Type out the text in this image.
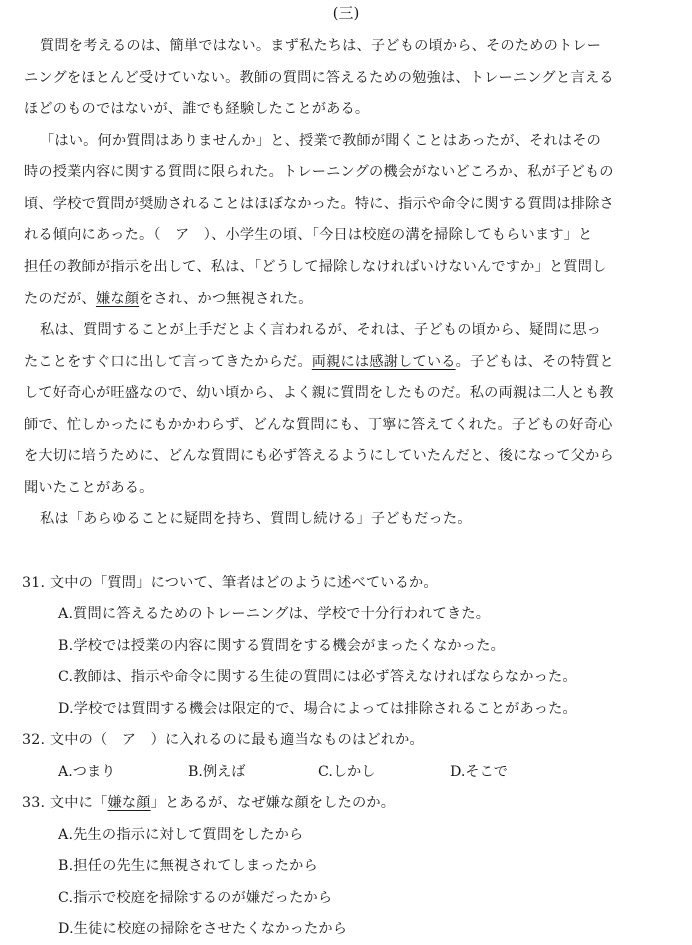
(三)
質問を考えるのは、簡単ではない。まず私たちは、子どもの頃から、そのためのトレー
ニングをほとんど受けていない。教師の質問に答えるための勉強は、トレーニングと言える
ほどのものではないが、誰でも経験したことがある。
「はい。何か質問はありませんか」と、授業で教師が聞くことはあったが、それはその
時の授業内容に関する質問に限られた。トレーニングの機会がないどころか、私が子どもの
頃、学校で質問が奨励されることはほぼなかった。特に、指示や命令に関する質問は排除さ
れる傾向にあった。（　ア　）、小学生の頃、「今日は校庭の溝を掃除してもらいます」と
担任の教師が指示を出して、私は、「どうして掃除しなければいけないんですか」と質問し
たのだが、嫌な顔をされ、かつ無視された。
私は、質問することが上手だとよく言われるが、それは、子どもの頃から、疑問に思っ
たことをすぐ口に出して言ってきたからだ。両親には感謝している。子どもは、その特質と
して好奇心が旺盛なので、幼い頃から、よく親に質問をしたものだ。私の両親は二人とも教
師で、忙しかったにもかかわらず、どんな質問にも、丁寧に答えてくれた。子どもの好奇心
を大切に培うために、どんな質問にも必ず答えるようにしていたんだと、後になって父から
聞いたことがある。
私は「あらゆることに疑問を持ち、質問し続ける」子どもだった。
31. 文中の「質問」について、筆者はどのように述べているか。
A.質問に答えるためのトレーニングは、学校で十分行われてきた。
B.学校では授業の内容に関する質問をする機会がまったくなかった。
C.教師は、指示や命令に関する生徒の質問には必ず答えなければならなかった。
D.学校では質問する機会は限定的で、場合によっては排除されることがあった。
32. 文中の（　ア　）に入れるのに最も適当なものはどれか。
A.つまり	B.例えば	C.しかし	D.そこで
33. 文中に「嫌な顔」とあるが、なぜ嫌な顔をしたのか。
A.先生の指示に対して質問をしたから
B.担任の先生に無視されてしまったから
C.指示で校庭を掃除するのが嫌だったから
D.生徒に校庭の掃除をさせたくなかったから
